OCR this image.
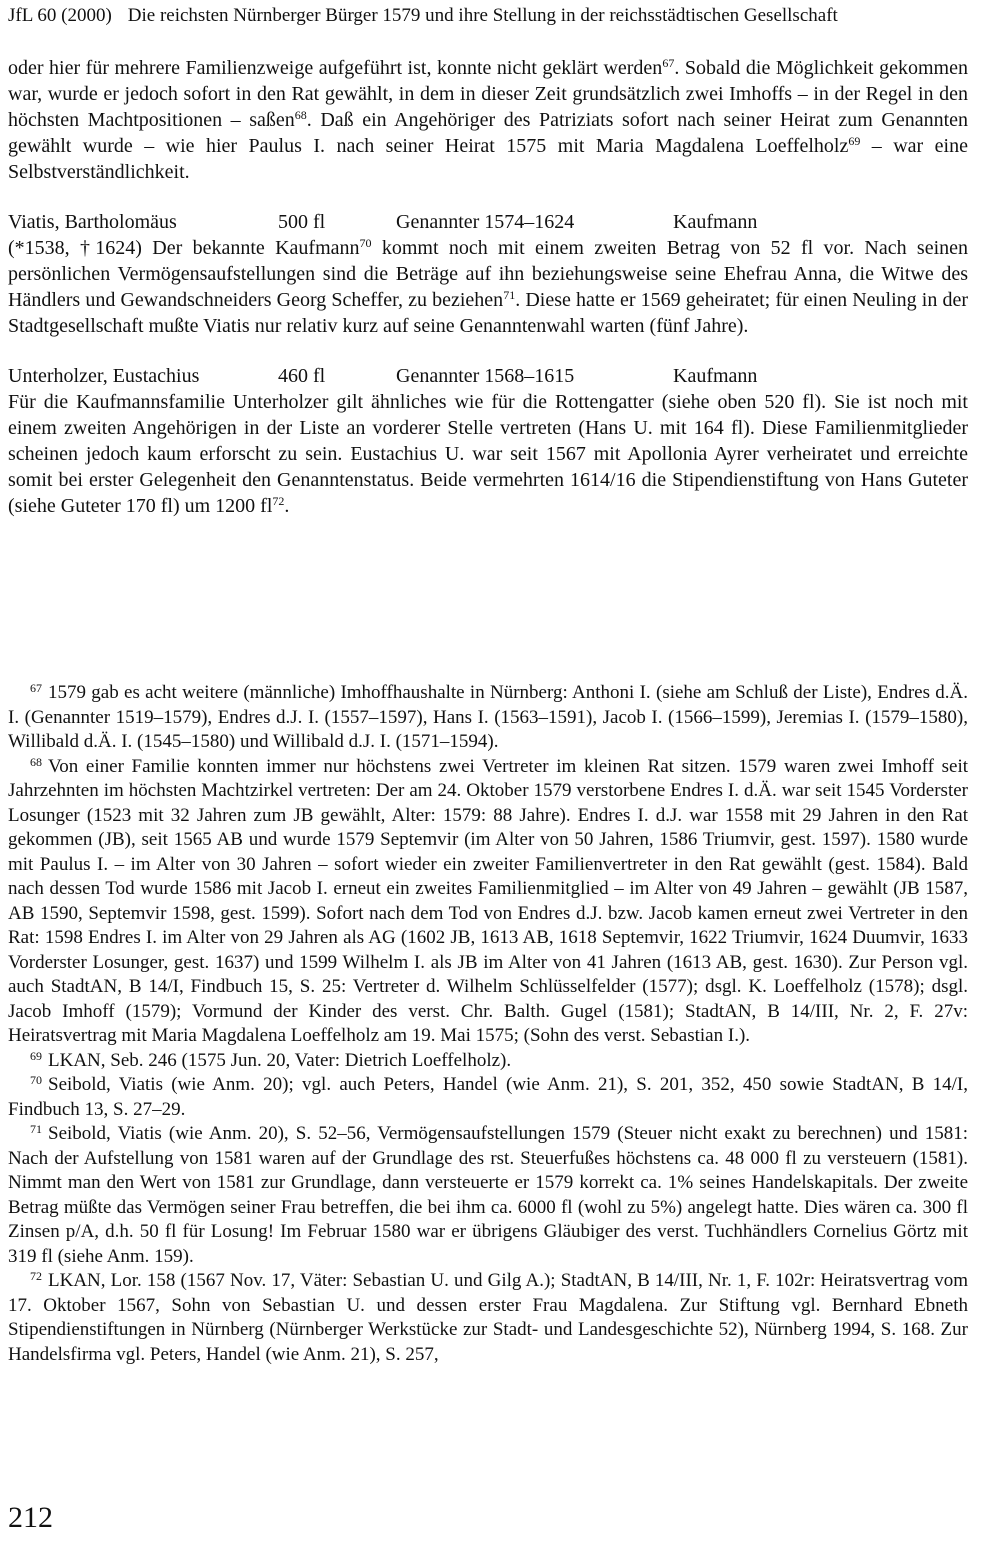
JfL 60 (2000) Die reichsten Nürnberger Bürger 1579 und ihre Stellung in der reichsstädtischen Gesellschaft

oder hier für mehrere Familienzweige aufgeführt ist, konnte nicht geklärt werden$^{67}$. Sobald die Möglichkeit gekommen war, wurde er jedoch sofort in den Rat gewählt, in dem in dieser Zeit grundsätzlich zwei Imhoffs – in der Regel in den höchsten Machtpositionen – saßen$^{68}$. Daß ein Angehöriger des Patriziats sofort nach seiner Heirat zum Genannten gewählt wurde – wie hier Paulus I. nach seiner Heirat 1575 mit Maria Magdalena Loeffelholz$^{69}$ – war eine Selbstverständlichkeit.

Viatis, Bartholomäus	500 fl	Genannter 1574–1624	Kaufmann
(*1538, †1624) Der bekannte Kaufmann$^{70}$ kommt noch mit einem zweiten Betrag von 52 fl vor. Nach seinen persönlichen Vermögensaufstellungen sind die Beträge auf ihn beziehungsweise seine Ehefrau Anna, die Witwe des Händlers und Gewandschneiders Georg Scheffer, zu beziehen$^{71}$. Diese hatte er 1569 geheiratet; für einen Neuling in der Stadtgesellschaft mußte Viatis nur relativ kurz auf seine Genanntenwahl warten (fünf Jahre).
Unterholzer, Eustachius	460 fl	Genannter 1568–1615	Kaufmann
Für die Kaufmannsfamilie Unterholzer gilt ähnliches wie für die Rottengatter (siehe oben 520 fl). Sie ist noch mit einem zweiten Angehörigen in der Liste an vorderer Stelle vertreten (Hans U. mit 164 fl). Diese Familienmitglieder scheinen jedoch kaum erforscht zu sein. Eustachius U. war seit 1567 mit Apollonia Ayrer verheiratet und erreichte somit bei erster Gelegenheit den Genanntenstatus. Beide vermehrten 1614/16 die Stipendienstiftung von Hans Guteter (siehe Guteter 170 fl) um 1200 $fl^{72}$.

$^{67}$ 1579 gab es acht weitere (männliche) Imhoffhaushalte in Nürnberg: Anthoni I. (siehe am Schluß der Liste), Endres d.Ä. I. (Genannter 1519–1579), Endres d.J. I. (1557–1597), Hans I. (1563–1591), Jacob I. (1566–1599), Jeremias I. (1579–1580), Willibald d.Ä. I. (1545–1580) und Willibald d.J. I. (1571–1594).

$^{68}$ Von einer Familie konnten immer nur höchstens zwei Vertreter im kleinen Rat sitzen. 1579 waren zwei Imhoff seit Jahrzehnten im höchsten Machtzirkel vertreten: Der am 24. Oktober 1579 verstorbene Endres I. d.Ä. war seit 1545 Vorderster Losunger (1523 mit 32 Jahren zum JB gewählt, Alter: 1579: 88 Jahre). Endres I. d.J. war 1558 mit 29 Jahren in den Rat gekommen (JB), seit 1565 AB und wurde 1579 Septemvir (im Alter von 50 Jahren, 1586 Triumvir, gest. 1597). 1580 wurde mit Paulus I. – im Alter von 30 Jahren – sofort wieder ein zweiter Familienvertreter in den Rat gewählt (gest. 1584). Bald nach dessen Tod wurde 1586 mit Jacob I. erneut ein zweites Familienmitglied – im Alter von 49 Jahren – gewählt (JB 1587, AB 1590, Septemvir 1598, gest. 1599). Sofort nach dem Tod von Endres d.J. bzw. Jacob kamen erneut zwei Vertreter in den Rat: 1598 Endres I. im Alter von 29 Jahren als AG (1602 JB, 1613 AB, 1618 Septemvir, 1622 Triumvir, 1624 Duumvir, 1633 Vorderster Losunger, gest. 1637) und 1599 Wilhelm I. als JB im Alter von 41 Jahren (1613 AB, gest. 1630). Zur Person vgl. auch StadtAN, B 14/I, Findbuch 15, S. 25: Vertreter d. Wilhelm Schlüsselfelder (1577); dsgl. K. Loeffelholz (1578); dsgl. Jacob Imhoff (1579); Vormund der Kinder des verst. Chr. Balth. Gugel (1581); StadtAN, B 14/III, Nr. 2, F. 27v: Heiratsvertrag mit Maria Magdalena Loeffelholz am 19. Mai 1575; (Sohn des verst. Sebastian I.).

$^{69}$ LKAN, Seb. 246 (1575 Jun. 20, Vater: Dietrich Loeffelholz).

$^{70}$ Seibold, Viatis (wie Anm. 20); vgl. auch Peters, Handel (wie Anm. 21), S. 201, 352, 450 sowie StadtAN, B 14/I, Findbuch 13, S. 27–29.

$^{71}$ Seibold, Viatis (wie Anm. 20), S. 52–56, Vermögensaufstellungen 1579 (Steuer nicht exakt zu berechnen) und 1581: Nach der Aufstellung von 1581 waren auf der Grundlage des rst. Steuerfußes höchstens ca. 48 000 fl zu versteuern (1581). Nimmt man den Wert von 1581 zur Grundlage, dann versteuerte er 1579 korrekt ca. 1% seines Handelskapitals. Der zweite Betrag müßte das Vermögen seiner Frau betreffen, die bei ihm ca. 6000 fl (wohl zu 5%) angelegt hatte. Dies wären ca. 300 fl Zinsen p/A, d.h. 50 fl für Losung! Im Februar 1580 war er übrigens Gläubiger des verst. Tuchhändlers Cornelius Görtz mit 319 fl (siehe Anm. 159).

$^{72}$ LKAN, Lor. 158 (1567 Nov. 17, Väter: Sebastian U. und Gilg A.); StadtAN, B 14/III, Nr. 1, F. 102r: Heiratsvertrag vom 17. Oktober 1567, Sohn von Sebastian U. und dessen erster Frau Magdalena. Zur Stiftung vgl. Bernhard Ebneth Stipendienstiftungen in Nürnberg (Nürnberger Werkstücke zur Stadt- und Landesgeschichte 52), Nürnberg 1994, S. 168. Zur Handelsfirma vgl. Peters, Handel (wie Anm. 21), S. 257,

212
